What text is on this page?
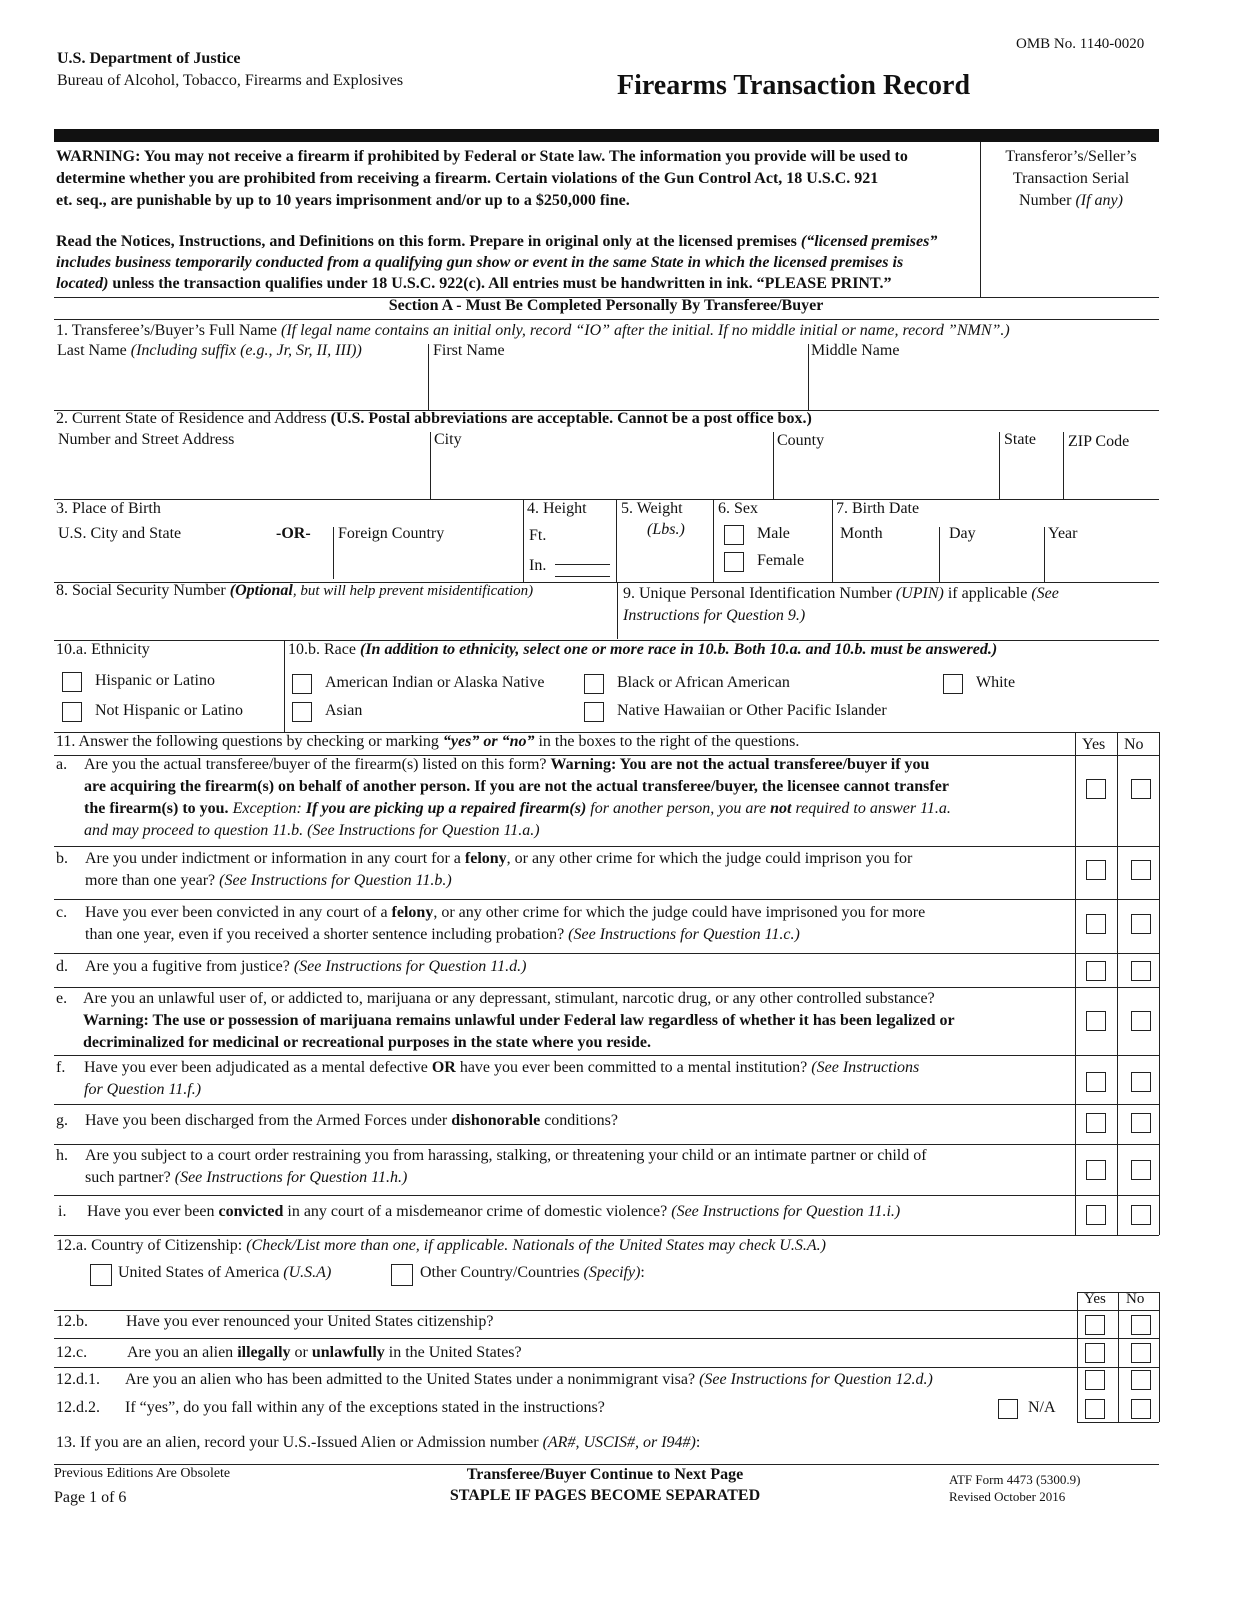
OMB No. 1140-0020
U.S. Department of Justice
Bureau of Alcohol, Tobacco, Firearms and Explosives	Firearms Transaction Record
WARNING: You may not receive a firearm if prohibited by Federal or State law. The information you provide will be used to
determine whether you are prohibited from receiving a firearm. Certain violations of the Gun Control Act, 18 U.S.C. 921
et. seq., are punishable by up to 10 years imprisonment and/or up to a $250,000 fine.
Read the Notices, Instructions, and Definitions on this form. Prepare in original only at the licensed premises (“licensed premises”
includes business temporarily conducted from a qualifying gun show or event in the same State in which the licensed premises is
located) unless the transaction qualifies under 18 U.S.C. 922(c). All entries must be handwritten in ink. “PLEASE PRINT.”
Transferor’s/Seller’s
Transaction Serial
Number (If any)
Section A - Must Be Completed Personally By Transferee/Buyer
1. Transferee’s/Buyer’s Full Name (If legal name contains an initial only, record “IO” after the initial. If no middle initial or name, record ”NMN”.)
Last Name (Including suffix (e.g., Jr, Sr, II, III))	First Name	Middle Name
2. Current State of Residence and Address (U.S. Postal abbreviations are acceptable. Cannot be a post office box.)
Number and Street Address	City	County	State ZIP Code
3. Place of Birth
U.S. City and State	-OR- Foreign Country
4. Height
Ft.
In.
5. Weight
(Lbs.)
6. Sex
Male
Female
7. Birth Date
Month	Day	Year
8. Social Security Number (Optional, but will help prevent misidentification)	9. Unique Personal Identification Number (UPIN) if applicable (See
Instructions for Question 9.)
10.a. Ethnicity
Hispanic or Latino
Not Hispanic or Latino
10.b. Race (In addition to ethnicity, select one or more race in 10.b. Both 10.a. and 10.b. must be answered.)
American Indian or Alaska Native	Black or African American	White
Asian	Native Hawaiian or Other Pacific Islander
11. Answer the following questions by checking or marking “yes” or “no” in the boxes to the right of the questions.	Yes No
a. Are you the actual transferee/buyer of the firearm(s) listed on this form? Warning: You are not the actual transferee/buyer if you
are acquiring the firearm(s) on behalf of another person. If you are not the actual transferee/buyer, the licensee cannot transfer
the firearm(s) to you. Exception: If you are picking up a repaired firearm(s) for another person, you are not required to answer 11.a.
and may proceed to question 11.b. (See Instructions for Question 11.a.)
b. Are you under indictment or information in any court for a felony, or any other crime for which the judge could imprison you for
more than one year? (See Instructions for Question 11.b.)
c. Have you ever been convicted in any court of a felony, or any other crime for which the judge could have imprisoned you for more
than one year, even if you received a shorter sentence including probation? (See Instructions for Question 11.c.)
d. Are you a fugitive from justice? (See Instructions for Question 11.d.)
e. Are you an unlawful user of, or addicted to, marijuana or any depressant, stimulant, narcotic drug, or any other controlled substance?
Warning: The use or possession of marijuana remains unlawful under Federal law regardless of whether it has been legalized or
decriminalized for medicinal or recreational purposes in the state where you reside.
f. Have you ever been adjudicated as a mental defective OR have you ever been committed to a mental institution? (See Instructions
for Question 11.f.)
g. Have you been discharged from the Armed Forces under dishonorable conditions?
h. Are you subject to a court order restraining you from harassing, stalking, or threatening your child or an intimate partner or child of
such partner? (See Instructions for Question 11.h.)
i. Have you ever been convicted in any court of a misdemeanor crime of domestic violence? (See Instructions for Question 11.i.)
12.a. Country of Citizenship: (Check/List more than one, if applicable. Nationals of the United States may check U.S.A.)
United States of America (U.S.A)	Other Country/Countries (Specify):
Yes No
12.b. Have you ever renounced your United States citizenship?
12.c. Are you an alien illegally or unlawfully in the United States?
12.d.1. Are you an alien who has been admitted to the United States under a nonimmigrant visa? (See Instructions for Question 12.d.)
12.d.2. If “yes”, do you fall within any of the exceptions stated in the instructions?	N/A
13. If you are an alien, record your U.S.-Issued Alien or Admission number (AR#, USCIS#, or I94#):
Previous Editions Are Obsolete
Page 1 of 6
Transferee/Buyer Continue to Next Page
STAPLE IF PAGES BECOME SEPARATED
ATF Form 4473 (5300.9)
Revised October 2016
